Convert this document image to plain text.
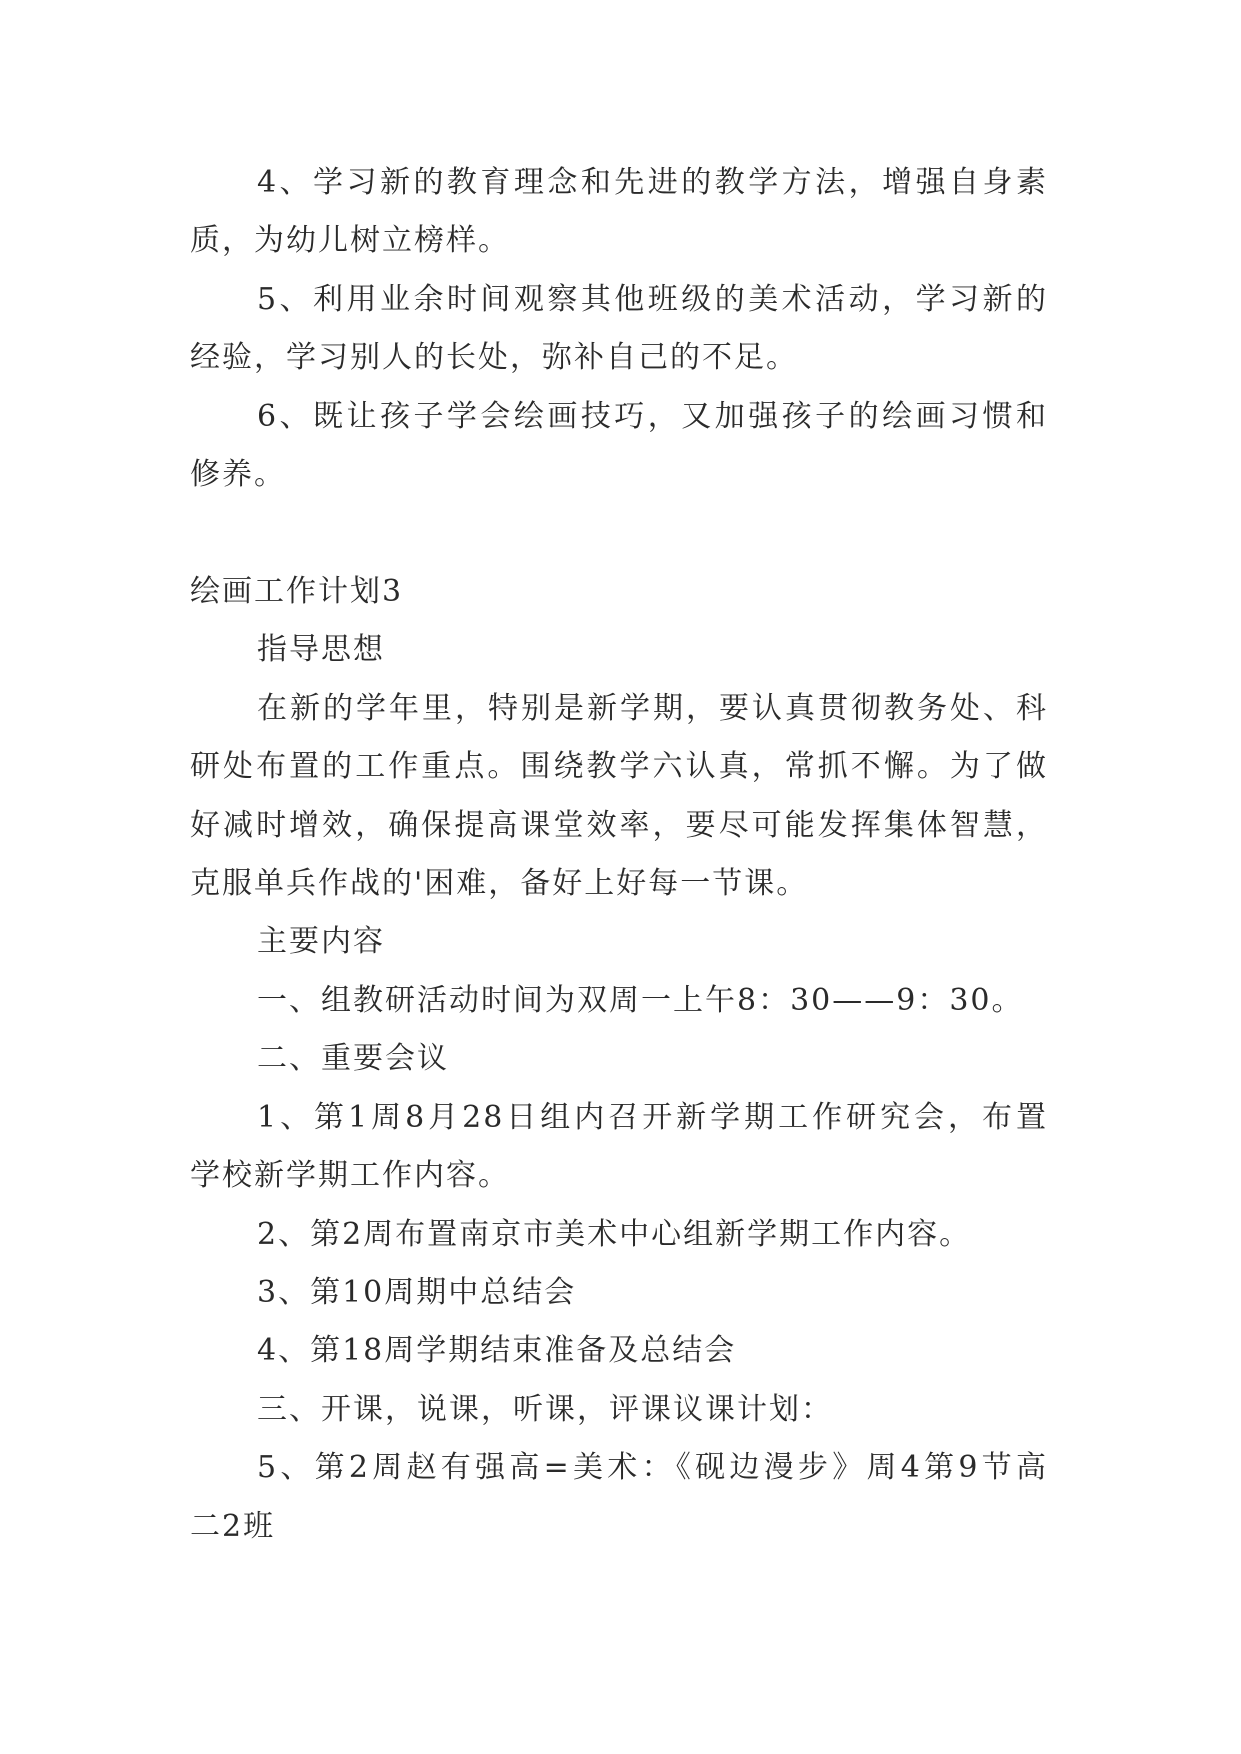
4、学习新的教育理念和先进的教学方法，增强自身素
质，为幼儿树立榜样。
5、利用业余时间观察其他班级的美术活动，学习新的
经验，学习别人的长处，弥补自己的不足。
6、既让孩子学会绘画技巧，又加强孩子的绘画习惯和
修养。
绘画工作计划3
指导思想
在新的学年里，特别是新学期，要认真贯彻教务处、科
研处布置的工作重点。围绕教学六认真，常抓不懈。为了做
好减时增效，确保提高课堂效率，要尽可能发挥集体智慧，
克服单兵作战的'困难，备好上好每一节课。
主要内容
一、组教研活动时间为双周一上午8：30——9：30。
二、重要会议
1、第1周8月28日组内召开新学期工作研究会，布置
学校新学期工作内容。
2、第2周布置南京市美术中心组新学期工作内容。
3、第10周期中总结会
4、第18周学期结束准备及总结会
三、开课，说课，听课，评课议课计划：
5、第2周赵有强高=美术：《砚边漫步》周4第9节高
二2班
